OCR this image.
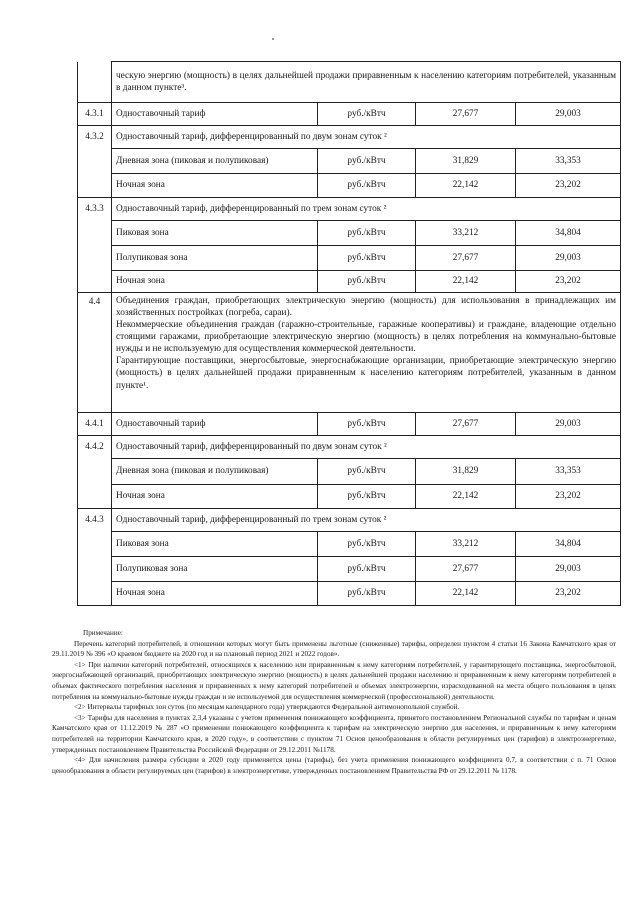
	ческую энергию (мощность) в целях дальнейшей продажи приравненным к населению категориям потребителей, указанным в данном пункте³.			
4.3.1	Одноставочный тариф	руб./кВтч	27,677	29,003
4.3.2	Одноставочный тариф, дифференцированный по двум зонам суток ²			
	Дневная зона (пиковая и полупиковая)	руб./кВтч	31,829	33,353
	Ночная зона	руб./кВтч	22,142	23,202
4.3.3	Одноставочный тариф, дифференцированный по трем зонам суток ²			
	Пиковая зона	руб./кВтч	33,212	34,804
	Полупиковая зона	руб./кВтч	27,677	29,003
	Ночная зона	руб./кВтч	22,142	23,202
4.4	Объединения граждан, приобретающих электрическую энергию (мощность) для использования в принадлежащих им хозяйственных постройках (погреба, сараи).
Некоммерческие объединения граждан (гаражно-строительные, гаражные кооперативы) и граждане, владеющие отдельно стоящими гаражами, приобретающие электрическую энергию (мощность) в целях потребления на коммунально-бытовые нужды и не используемую для осуществления коммерческой деятельности.
Гарантирующие поставщики, энергосбытовые, энергоснабжающие организации, приобретающие электрическую энергию (мощность) в целях дальнейшей продажи приравненным к населению категориям потребителей, указанным в данном пункте¹.			

4.4.1	Одноставочный тариф	руб./кВтч	27,677	29,003
4.4.2	Одноставочный тариф, дифференцированный по двум зонам суток ²			
	Дневная зона (пиковая и полупиковая)	руб./кВтч	31,829	33,353
	Ночная зона	руб./кВтч	22,142	23,202
4.4.3	Одноставочный тариф, дифференцированный по трем зонам суток ²			
	Пиковая зона	руб./кВтч	33,212	34,804
	Полупиковая зона	руб./кВтч	27,677	29,003
	Ночная зона	руб./кВтч	22,142	23,202

Примечание:

Перечень категорий потребителей, в отношении которых могут быть применены льготные (сниженные) тарифы, определен пунктом 4 статьи 16 Закона Камчатского края от 29.11.2019 № 396 «О краевом бюджете на 2020 год и на плановый период 2021 и 2022 годов».

<1> При наличии категорий потребителей, относящихся к населению или приравненным к нему категориям потребителей, у гарантирующего поставщика, энергосбытовой, энергоснабжающей организаций, приобретающих электрическую энергию (мощность) в целях дальнейшей продажи населению и приравненным к нему категориям потребителей в объемах фактического потребления населения и приравненных к нему категорий потребителей и объемах электроэнергии, израсходованной на места общего пользования в целях потребления на коммунально-бытовые нужды граждан и не используемой для осуществления коммерческой (профессиональной) деятельности.

<2> Интервалы тарифных зон суток (по месяцам календарного года) утверждаются Федеральной антимонопольной службой.

<3> Тарифы для населения в пунктах 2,3,4 указаны с учетом применения понижающего коэффициента, принятого постановлением Региональной службы по тарифам и ценам Камчатского края от 11.12.2019 № 287 «О применении понижающего коэффициента к тарифам на электрическую энергию для населения, и приравненным к нему категориям потребителей на территории Камчатского края, в 2020 году», в соответствии с пунктом 71 Основ ценообразования в области регулируемых цен (тарифов) в электроэнергетике, утвержденных постановлением Правительства Российской Федерации от 29.12.2011 №1178.

<4> Для начисления размера субсидии в 2020 году применяется цены (тарифы), без учета применения понижающего коэффициента 0,7, в соответствии с п. 71 Основ ценообразования в области регулируемых цен (тарифов) в электроэнергетике, утвержденных постановлением Правительства РФ от 29.12.2011 № 1178.
